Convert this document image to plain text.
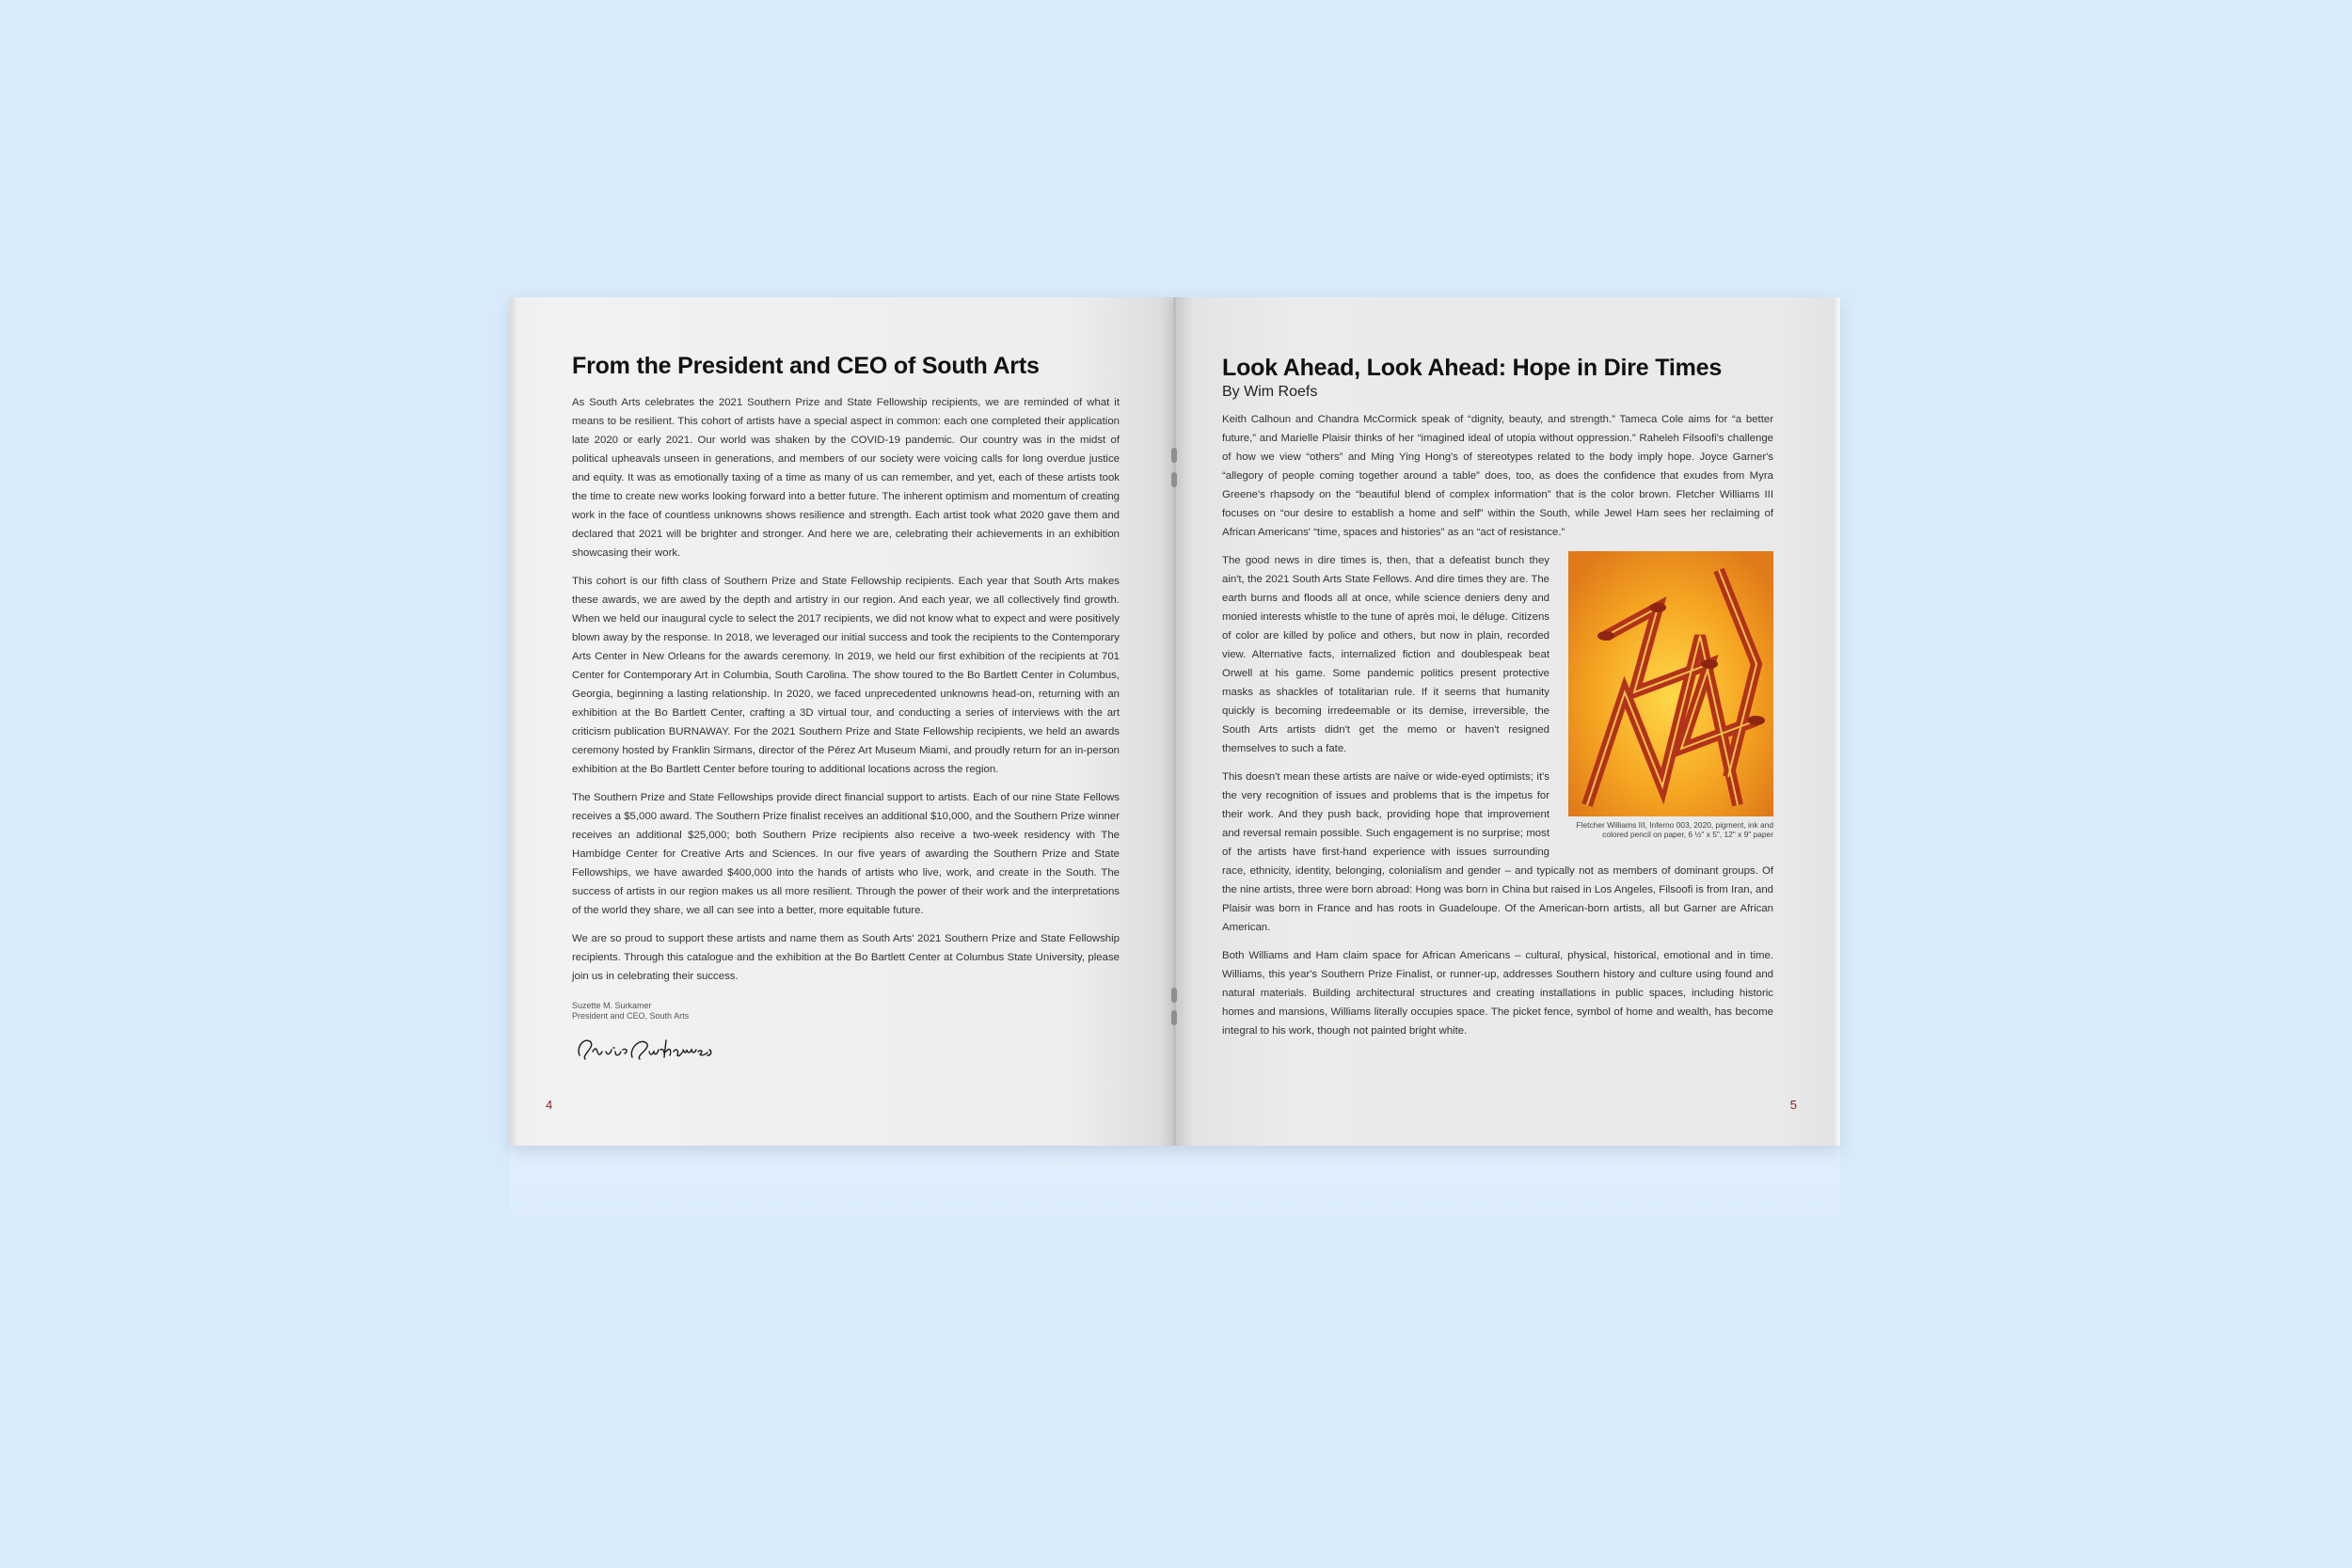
From the President and CEO of South Arts

As South Arts celebrates the 2021 Southern Prize and State Fellowship recipients, we are reminded of what it means to be resilient. This cohort of artists have a special aspect in common: each one completed their application late 2020 or early 2021. Our world was shaken by the COVID-19 pandemic. Our country was in the midst of political upheavals unseen in generations, and members of our society were voicing calls for long overdue justice and equity. It was as emotionally taxing of a time as many of us can remember, and yet, each of these artists took the time to create new works looking forward into a better future. The inherent optimism and momentum of creating work in the face of countless unknowns shows resilience and strength. Each artist took what 2020 gave them and declared that 2021 will be brighter and stronger. And here we are, celebrating their achievements in an exhibition showcasing their work.

This cohort is our fifth class of Southern Prize and State Fellowship recipients. Each year that South Arts makes these awards, we are awed by the depth and artistry in our region. And each year, we all collectively find growth. When we held our inaugural cycle to select the 2017 recipients, we did not know what to expect and were positively blown away by the response. In 2018, we leveraged our initial success and took the recipients to the Contemporary Arts Center in New Orleans for the awards ceremony. In 2019, we held our first exhibition of the recipients at 701 Center for Contemporary Art in Columbia, South Carolina. The show toured to the Bo Bartlett Center in Columbus, Georgia, beginning a lasting relationship. In 2020, we faced unprecedented unknowns head-on, returning with an exhibition at the Bo Bartlett Center, crafting a 3D virtual tour, and conducting a series of interviews with the art criticism publication BURNAWAY. For the 2021 Southern Prize and State Fellowship recipients, we held an awards ceremony hosted by Franklin Sirmans, director of the Pérez Art Museum Miami, and proudly return for an in-person exhibition at the Bo Bartlett Center before touring to additional locations across the region.

The Southern Prize and State Fellowships provide direct financial support to artists. Each of our nine State Fellows receives a $5,000 award. The Southern Prize finalist receives an additional $10,000, and the Southern Prize winner receives an additional $25,000; both Southern Prize recipients also receive a two-week residency with The Hambidge Center for Creative Arts and Sciences. In our five years of awarding the Southern Prize and State Fellowships, we have awarded $400,000 into the hands of artists who live, work, and create in the South. The success of artists in our region makes us all more resilient. Through the power of their work and the interpretations of the world they share, we all can see into a better, more equitable future.

We are so proud to support these artists and name them as South Arts' 2021 Southern Prize and State Fellowship recipients. Through this catalogue and the exhibition at the Bo Bartlett Center at Columbus State University, please join us in celebrating their success.

Suzette M. Surkamer
President and CEO, South Arts
4
Look Ahead, Look Ahead: Hope in Dire Times
By Wim Roefs

Keith Calhoun and Chandra McCormick speak of “dignity, beauty, and strength.” Tameca Cole aims for “a better future,” and Marielle Plaisir thinks of her “imagined ideal of utopia without oppression.” Raheleh Filsoofi's challenge of how we view “others” and Ming Ying Hong's of stereotypes related to the body imply hope. Joyce Garner's “allegory of people coming together around a table” does, too, as does the confidence that exudes from Myra Greene's rhapsody on the “beautiful blend of complex information” that is the color brown. Fletcher Williams III focuses on “our desire to establish a home and self” within the South, while Jewel Ham sees her reclaiming of African Americans' “time, spaces and histories” as an “act of resistance.”

Fletcher Williams III, Inferno 003, 2020, pigment, ink and
colored pencil on paper, 6 ½" x 5", 12" x 9" paper

The good news in dire times is, then, that a defeatist bunch they ain't, the 2021 South Arts State Fellows. And dire times they are. The earth burns and floods all at once, while science deniers deny and monied interests whistle to the tune of après moi, le déluge. Citizens of color are killed by police and others, but now in plain, recorded view. Alternative facts, internalized fiction and doublespeak beat Orwell at his game. Some pandemic politics present protective masks as shackles of totalitarian rule. If it seems that humanity quickly is becoming irredeemable or its demise, irreversible, the South Arts artists didn't get the memo or haven't resigned themselves to such a fate.

This doesn't mean these artists are naive or wide-eyed optimists; it's the very recognition of issues and problems that is the impetus for their work. And they push back, providing hope that improvement and reversal remain possible. Such engagement is no surprise; most of the artists have first-hand experience with issues surrounding race, ethnicity, identity, belonging, colonialism and gender – and typically not as members of dominant groups. Of the nine artists, three were born abroad: Hong was born in China but raised in Los Angeles, Filsoofi is from Iran, and Plaisir was born in France and has roots in Guadeloupe. Of the American-born artists, all but Garner are African American.

Both Williams and Ham claim space for African Americans – cultural, physical, historical, emotional and in time. Williams, this year's Southern Prize Finalist, or runner-up, addresses Southern history and culture using found and natural materials. Building architectural structures and creating installations in public spaces, including historic homes and mansions, Williams literally occupies space. The picket fence, symbol of home and wealth, has become integral to his work, though not painted bright white.

5
